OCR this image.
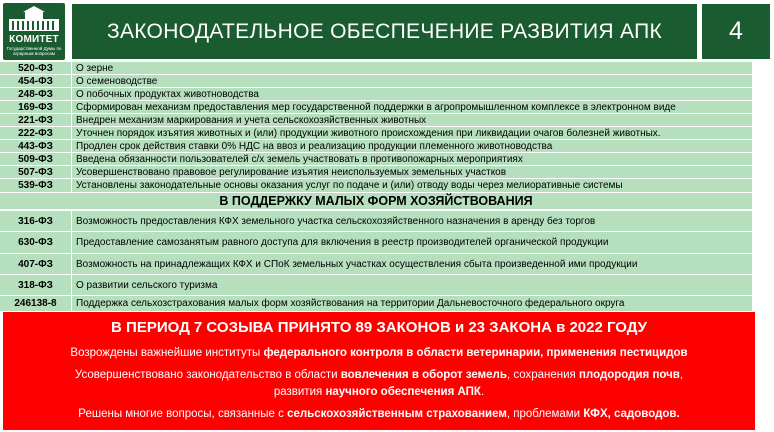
КОМИТЕТ
Государственной Думы по аграрным вопросам
ЗАКОНОДАТЕЛЬНОЕ ОБЕСПЕЧЕНИЕ РАЗВИТИЯ АПК	4
520-ФЗ	О зерне
454-ФЗ	О семеноводстве
248-ФЗ	О побочных продуктах животноводства
169-ФЗ	Сформирован механизм предоставления мер государственной поддержки в агропромышленном комплексе в электронном виде
221-ФЗ	Внедрен механизм маркирования и учета сельскохозяйственных животных
222-ФЗ	Уточнен порядок изъятия животных и (или) продукции животного происхождения при ликвидации очагов болезней животных.
443-ФЗ	Продлен срок действия ставки 0% НДС на ввоз и реализацию продукции племенного животноводства
509-ФЗ	Введена обязанности пользователей с/х земель участвовать в противопожарных мероприятиях
507-ФЗ	Усовершенствовано правовое регулирование изъятия неиспользуемых земельных участков
539-ФЗ	Установлены законодательные основы оказания услуг по подаче и (или) отводу воды через мелиоративные системы
В ПОДДЕРЖКУ МАЛЫХ ФОРМ ХОЗЯЙСТВОВАНИЯ
316-ФЗ	Возможность предоставления КФХ земельного участка сельскохозяйственного назначения в аренду без торгов
630-ФЗ	Предоставление самозанятым равного доступа для включения в реестр производителей органической продукции
407-ФЗ	Возможность на принадлежащих КФХ и СПоК земельных участках осуществления сбыта произведенной ими продукции
318-ФЗ	О развитии сельского туризма
246138-8	Поддержка сельхозстрахования малых форм хозяйствования на территории Дальневосточного федерального округа
В ПЕРИОД 7 СОЗЫВА ПРИНЯТО 89 ЗАКОНОВ и 23 ЗАКОНА в 2022 ГОДУ
Возрождены важнейшие институты федерального контроля в области ветеринарии, применения пестицидов
Усовершенствовано законодательство в области вовлечения в оборот земель, сохранения плодородия почв,
развития научного обеспечения АПК.
Решены многие вопросы, связанные с сельскохозяйственным страхованием, проблемами КФХ, садоводов.
